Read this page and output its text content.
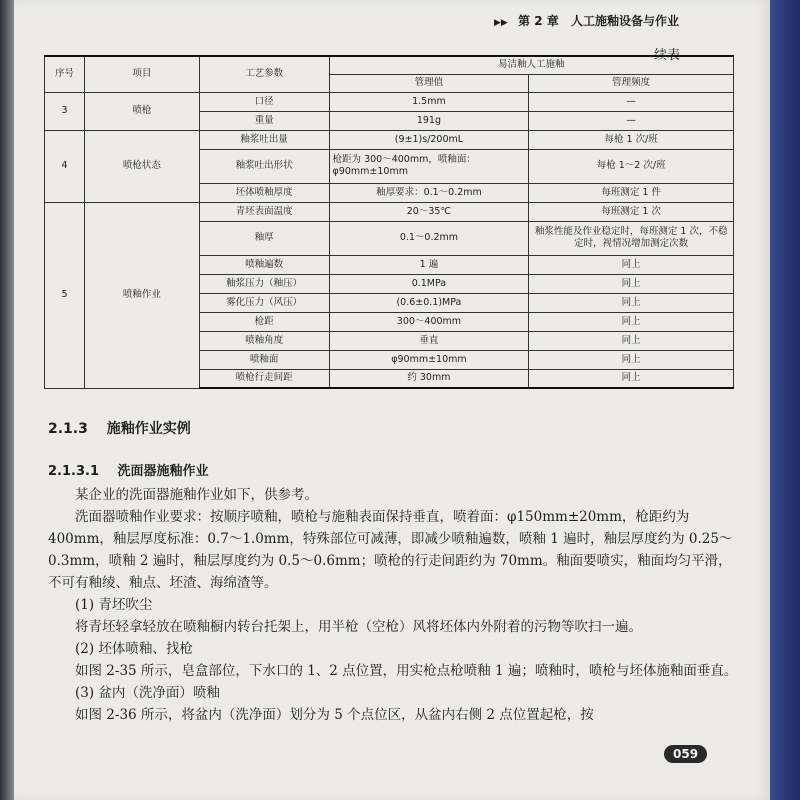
▶▶ 第 2 章 人工施釉设备与作业
续表
序号	项目	工艺参数	易洁釉人工施釉	
			管理值	管理频度
3	喷枪	口径	1.5mm	—
		重量	191g	—
4	喷枪状态	釉浆吐出量	(9±1)s/200mL	每枪 1 次/班
		釉浆吐出形状	枪距为 300～400mm，喷釉面：φ90mm±10mm	每枪 1～2 次/班
		坯体喷釉厚度	釉厚要求：0.1～0.2mm	每班测定 1 件
5	喷釉作业	青坯表面温度	20～35℃	每班测定 1 次
		釉厚	0.1～0.2mm	釉浆性能及作业稳定时，每班测定 1 次，不稳定时，视情况增加测定次数
		喷釉遍数	1 遍	同上
		釉浆压力（釉压）	0.1MPa	同上
		雾化压力（风压）	(0.6±0.1)MPa	同上
		枪距	300～400mm	同上
		喷釉角度	垂直	同上
		喷釉面	φ90mm±10mm	同上
		喷枪行走间距	约 30mm	同上
2.1.3 施釉作业实例
2.1.3.1 洗面器施釉作业

某企业的洗面器施釉作业如下，供参考。

洗面器喷釉作业要求：按顺序喷釉，喷枪与施釉表面保持垂直，喷着面：φ150mm±20mm，枪距约为 400mm，釉层厚度标准：0.7～1.0mm，特殊部位可减薄，即减少喷釉遍数，喷釉 1 遍时，釉层厚度约为 0.25～0.3mm，喷釉 2 遍时，釉层厚度约为 0.5～0.6mm；喷枪的行走间距约为 70mm。釉面要喷实，釉面均匀平滑，不可有釉绫、釉点、坯渣、海绵渣等。

(1) 青坯吹尘

将青坯轻拿轻放在喷釉橱内转台托架上，用半枪（空枪）风将坯体内外附着的污物等吹扫一遍。

(2) 坯体喷釉、找枪

如图 2-35 所示，皂盒部位，下水口的 1、2 点位置，用实枪点枪喷釉 1 遍；喷釉时，喷枪与坯体施釉面垂直。

(3) 盆内（洗净面）喷釉

如图 2-36 所示，将盆内（洗净面）划分为 5 个点位区，从盆内右侧 2 点位置起枪，按

059
